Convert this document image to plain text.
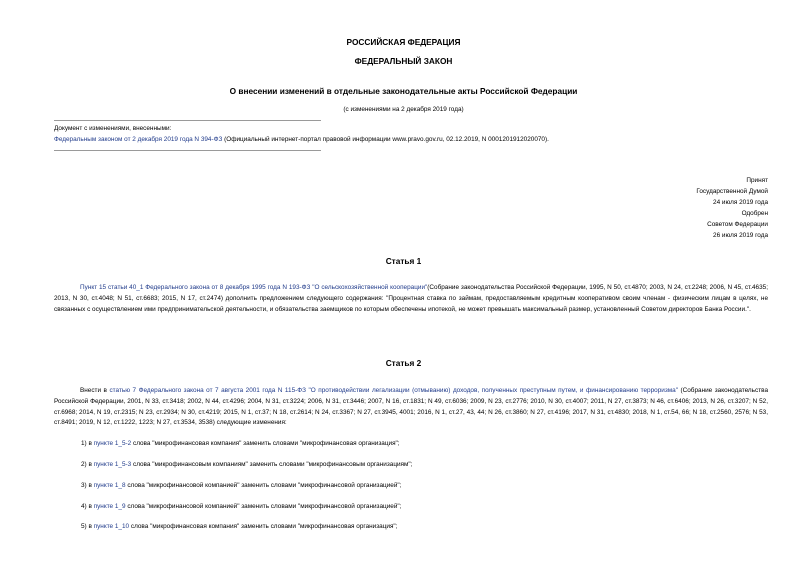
РОССИЙСКАЯ ФЕДЕРАЦИЯ
ФЕДЕРАЛЬНЫЙ ЗАКОН
О внесении изменений в отдельные законодательные акты Российской Федерации
(с изменениями на 2 декабря 2019 года)
Документ с изменениями, внесенными:
Федеральным законом от 2 декабря 2019 года N 394-ФЗ (Официальный интернет-портал правовой информации www.pravo.gov.ru, 02.12.2019, N 0001201912020070).
Принят
Государственной Думой
24 июля 2019 года
Одобрен
Советом Федерации
26 июля 2019 года
Статья 1
Пункт 15 статьи 40_1 Федерального закона от 8 декабря 1995 года N 193-ФЗ "О сельскохозяйственной кооперации"(Собрание законодательства Российской Федерации, 1995, N 50, ст.4870; 2003, N 24, ст.2248; 2006, N 45, ст.4635; 2013, N 30, ст.4048; N 51, ст.6683; 2015, N 17, ст.2474) дополнить предложением следующего содержания: "Процентная ставка по займам, предоставляемым кредитным кооперативом своим членам - физическим лицам в целях, не связанных с осуществлением ими предпринимательской деятельности, и обязательства заемщиков по которым обеспечены ипотекой, не может превышать максимальный размер, установленный Советом директоров Банка России.".
Статья 2
Внести в статью 7 Федерального закона от 7 августа 2001 года N 115-ФЗ "О противодействии легализации (отмыванию) доходов, полученных преступным путем, и финансированию терроризма" (Собрание законодательства Российской Федерации, 2001, N 33, ст.3418; 2002, N 44, ст.4296; 2004, N 31, ст.3224; 2006, N 31, ст.3446; 2007, N 16, ст.1831; N 49, ст.6036; 2009, N 23, ст.2776; 2010, N 30, ст.4007; 2011, N 27, ст.3873; N 46, ст.6406; 2013, N 26, ст.3207; N 52, ст.6968; 2014, N 19, ст.2315; N 23, ст.2934; N 30, ст.4219; 2015, N 1, ст.37; N 18, ст.2614; N 24, ст.3367; N 27, ст.3945, 4001; 2016, N 1, ст.27, 43, 44; N 26, ст.3860; N 27, ст.4196; 2017, N 31, ст.4830; 2018, N 1, ст.54, 66; N 18, ст.2560, 2576; N 53, ст.8491; 2019, N 12, ст.1222, 1223; N 27, ст.3534, 3538) следующие изменения:
1) в пункте 1_5-2 слова "микрофинансовая компания" заменить словами "микрофинансовая организация";
2) в пункте 1_5-3 слова "микрофинансовым компаниям" заменить словами "микрофинансовым организациям";
3) в пункте 1_8 слова "микрофинансовой компанией" заменить словами "микрофинансовой организацией";
4) в пункте 1_9 слова "микрофинансовой компанией" заменить словами "микрофинансовой организацией";
5) в пункте 1_10 слова "микрофинансовая компания" заменить словами "микрофинансовая организация";
